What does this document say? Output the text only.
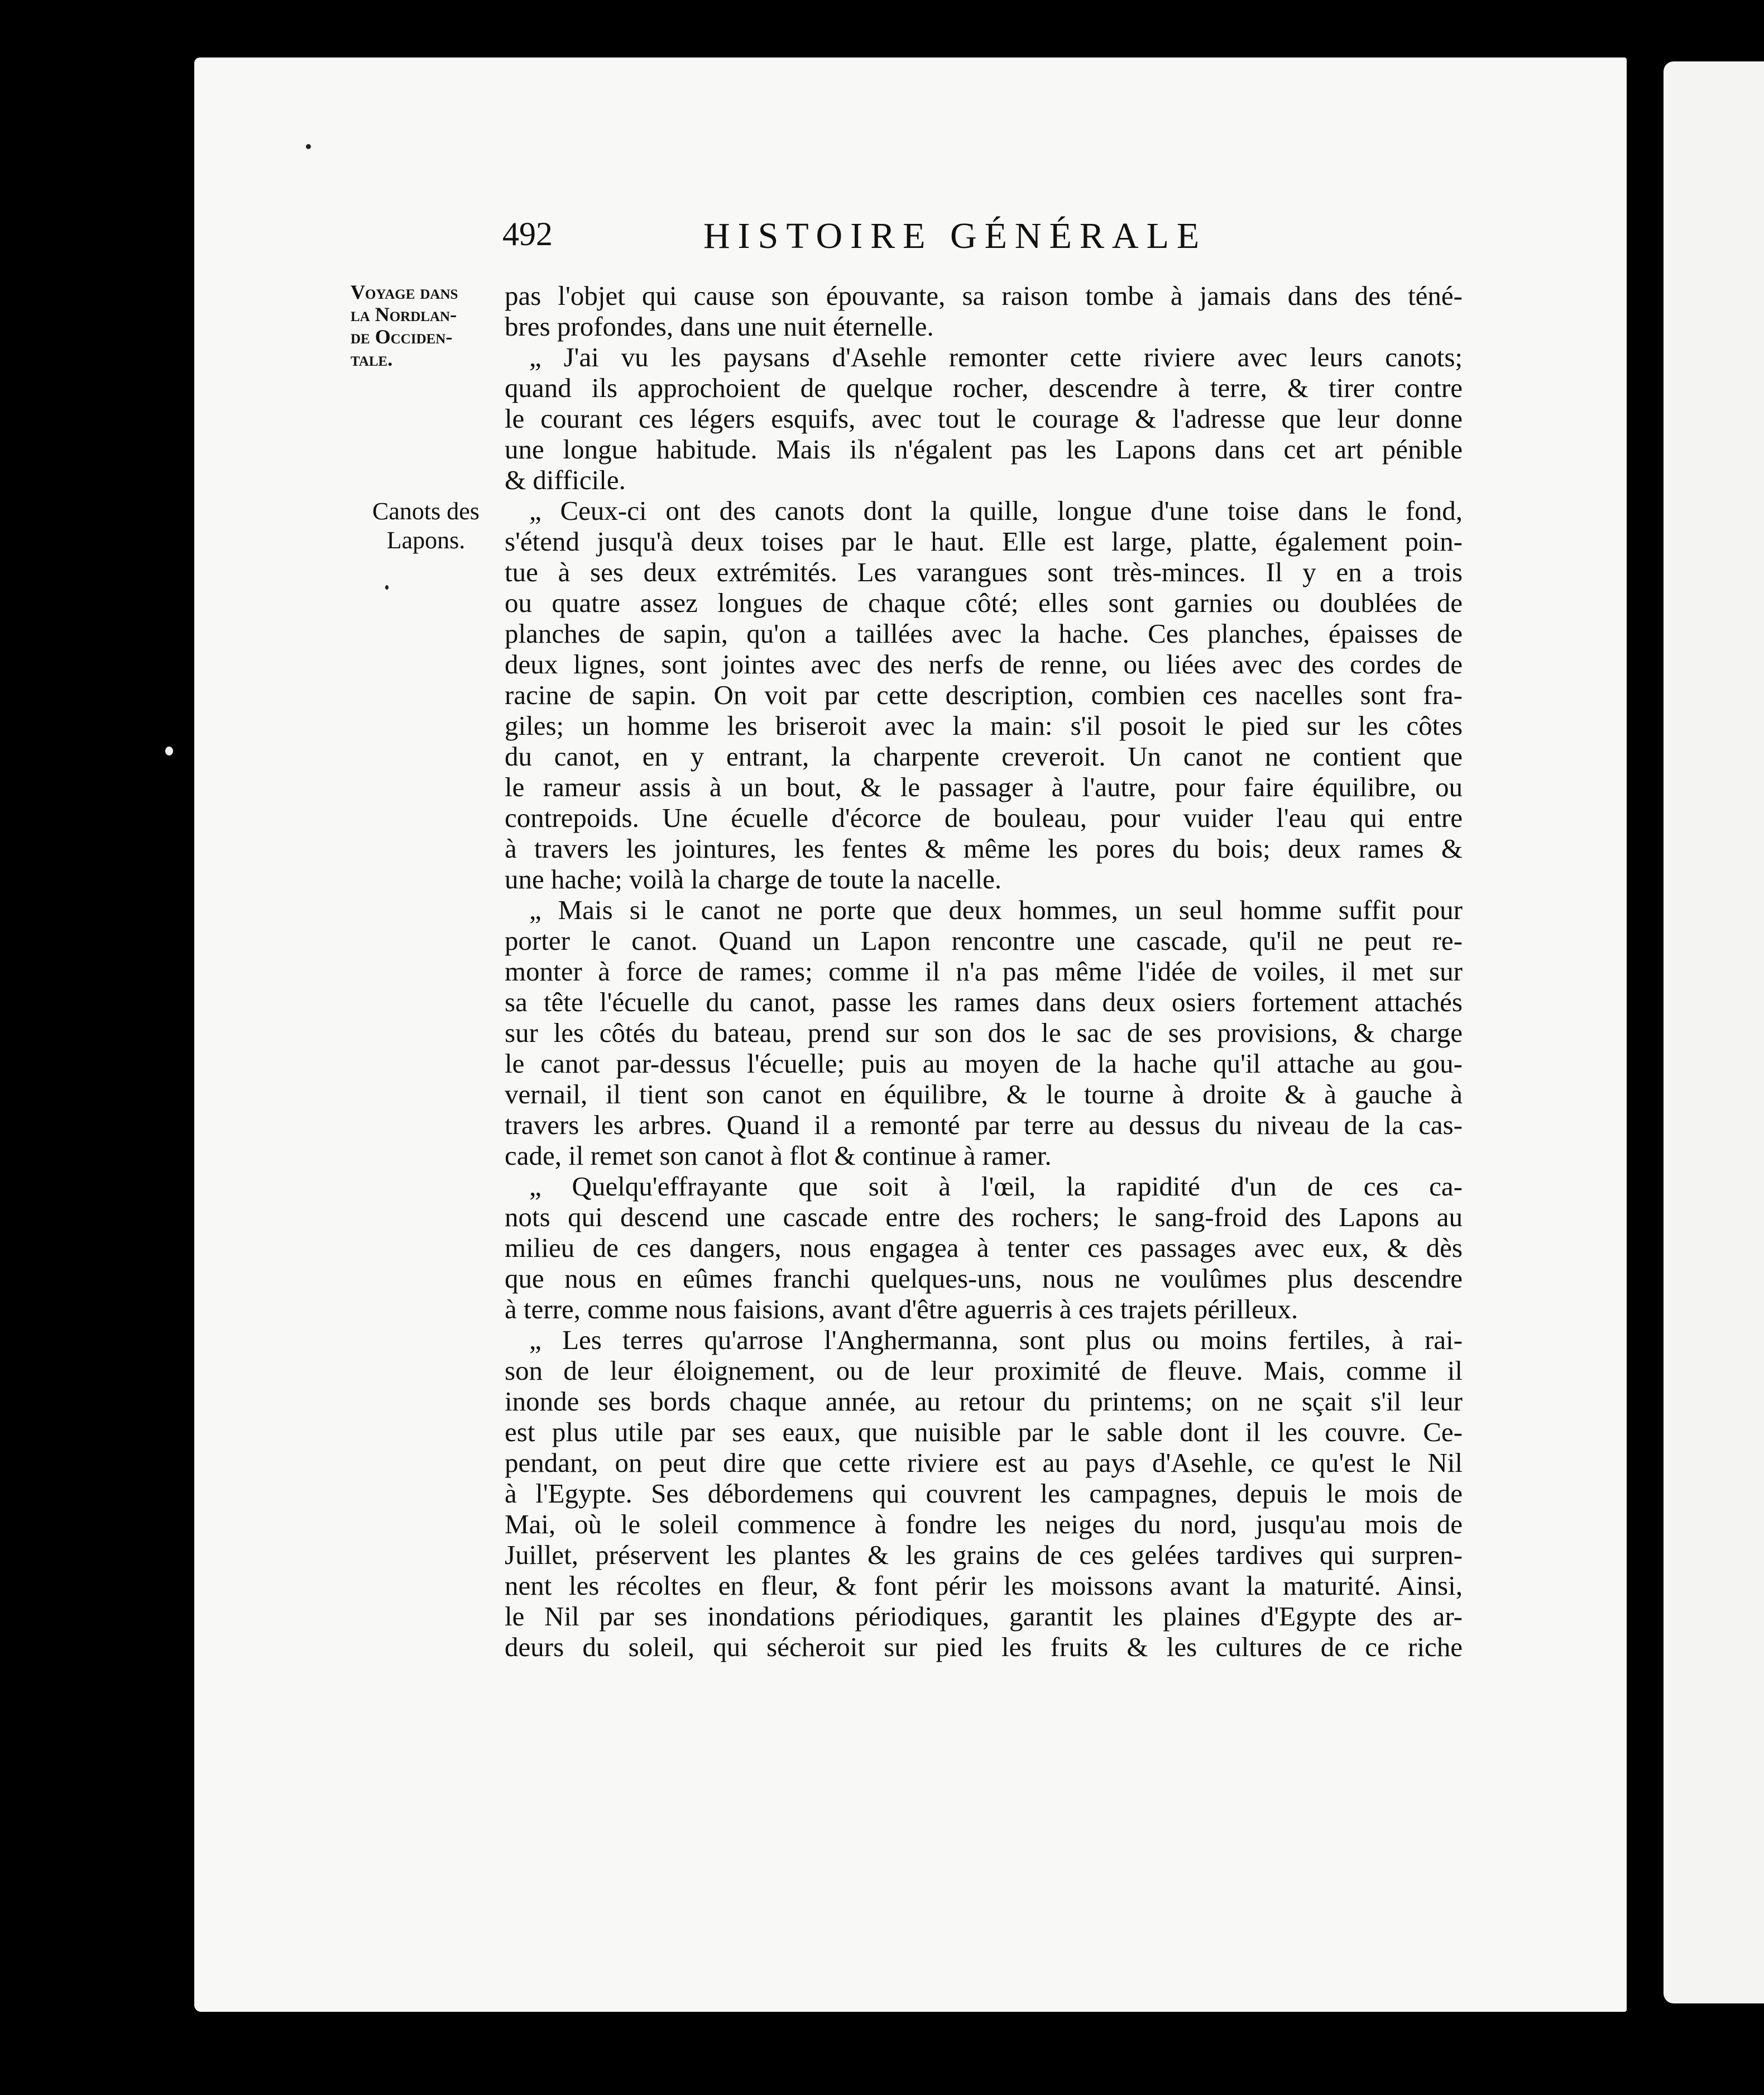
492	HISTOIRE GÉNÉRALE
Voyage dans
la Nordlan-
de Occiden-
tale.
Canots des
Lapons.
pas l'objet qui cause son épouvante, sa raison tombe à jamais dans des téné-
bres profondes, dans une nuit éternelle.
„ J'ai vu les paysans d'Asehle remonter cette riviere avec leurs canots;
quand ils approchoient de quelque rocher, descendre à terre, & tirer contre
le courant ces légers esquifs, avec tout le courage & l'adresse que leur donne
une longue habitude. Mais ils n'égalent pas les Lapons dans cet art pénible
& difficile.
„ Ceux-ci ont des canots dont la quille, longue d'une toise dans le fond,
s'étend jusqu'à deux toises par le haut. Elle est large, platte, également poin-
tue à ses deux extrémités. Les varangues sont très-minces. Il y en a trois
ou quatre assez longues de chaque côté; elles sont garnies ou doublées de
planches de sapin, qu'on a taillées avec la hache. Ces planches, épaisses de
deux lignes, sont jointes avec des nerfs de renne, ou liées avec des cordes de
racine de sapin. On voit par cette description, combien ces nacelles sont fra-
giles; un homme les briseroit avec la main: s'il posoit le pied sur les côtes
du canot, en y entrant, la charpente creveroit. Un canot ne contient que
le rameur assis à un bout, & le passager à l'autre, pour faire équilibre, ou
contrepoids. Une écuelle d'écorce de bouleau, pour vuider l'eau qui entre
à travers les jointures, les fentes & même les pores du bois; deux rames &
une hache; voilà la charge de toute la nacelle.
„ Mais si le canot ne porte que deux hommes, un seul homme suffit pour
porter le canot. Quand un Lapon rencontre une cascade, qu'il ne peut re-
monter à force de rames; comme il n'a pas même l'idée de voiles, il met sur
sa tête l'écuelle du canot, passe les rames dans deux osiers fortement attachés
sur les côtés du bateau, prend sur son dos le sac de ses provisions, & charge
le canot par-dessus l'écuelle; puis au moyen de la hache qu'il attache au gou-
vernail, il tient son canot en équilibre, & le tourne à droite & à gauche à
travers les arbres. Quand il a remonté par terre au dessus du niveau de la cas-
cade, il remet son canot à flot & continue à ramer.
„ Quelqu'effrayante que soit à l'œil, la rapidité d'un de ces ca-
nots qui descend une cascade entre des rochers; le sang-froid des Lapons au
milieu de ces dangers, nous engagea à tenter ces passages avec eux, & dès
que nous en eûmes franchi quelques-uns, nous ne voulûmes plus descendre
à terre, comme nous faisions, avant d'être aguerris à ces trajets périlleux.
„ Les terres qu'arrose l'Anghermanna, sont plus ou moins fertiles, à rai-
son de leur éloignement, ou de leur proximité de fleuve. Mais, comme il
inonde ses bords chaque année, au retour du printems; on ne sçait s'il leur
est plus utile par ses eaux, que nuisible par le sable dont il les couvre. Ce-
pendant, on peut dire que cette riviere est au pays d'Asehle, ce qu'est le Nil
à l'Egypte. Ses débordemens qui couvrent les campagnes, depuis le mois de
Mai, où le soleil commence à fondre les neiges du nord, jusqu'au mois de
Juillet, préservent les plantes & les grains de ces gelées tardives qui surpren-
nent les récoltes en fleur, & font périr les moissons avant la maturité. Ainsi,
le Nil par ses inondations périodiques, garantit les plaines d'Egypte des ar-
deurs du soleil, qui sécheroit sur pied les fruits & les cultures de ce riche
